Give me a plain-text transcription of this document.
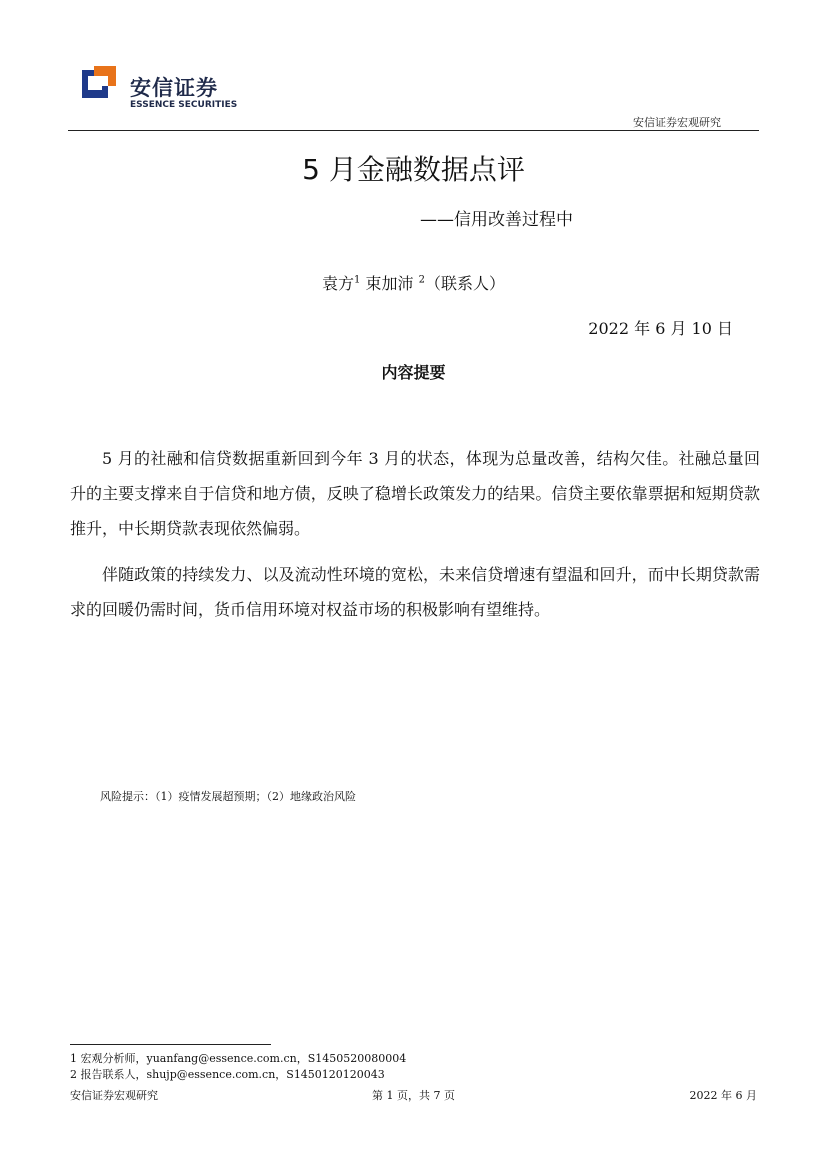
安信证券
ESSENCE SECURITIES
安信证券宏观研究
5 月金融数据点评
——信用改善过程中
袁方$^1$ 束加沛 $^2$（联系人）
2022 年 6 月 10 日
内容提要

5 月的社融和信贷数据重新回到今年 3 月的状态，体现为总量改善，结构欠佳。社融总量回升的主要支撑来自于信贷和地方债，反映了稳增长政策发力的结果。信贷主要依靠票据和短期贷款推升，中长期贷款表现依然偏弱。

伴随政策的持续发力、以及流动性环境的宽松，未来信贷增速有望温和回升，而中长期贷款需求的回暖仍需时间，货币信用环境对权益市场的积极影响有望维持。

风险提示：（1）疫情发展超预期；（2）地缘政治风险
1 宏观分析师，yuanfang@essence.com.cn，S1450520080004
2 报告联系人，shujp@essence.com.cn，S1450120120043
安信证券宏观研究	第 1 页，共 7 页	2022 年 6 月
